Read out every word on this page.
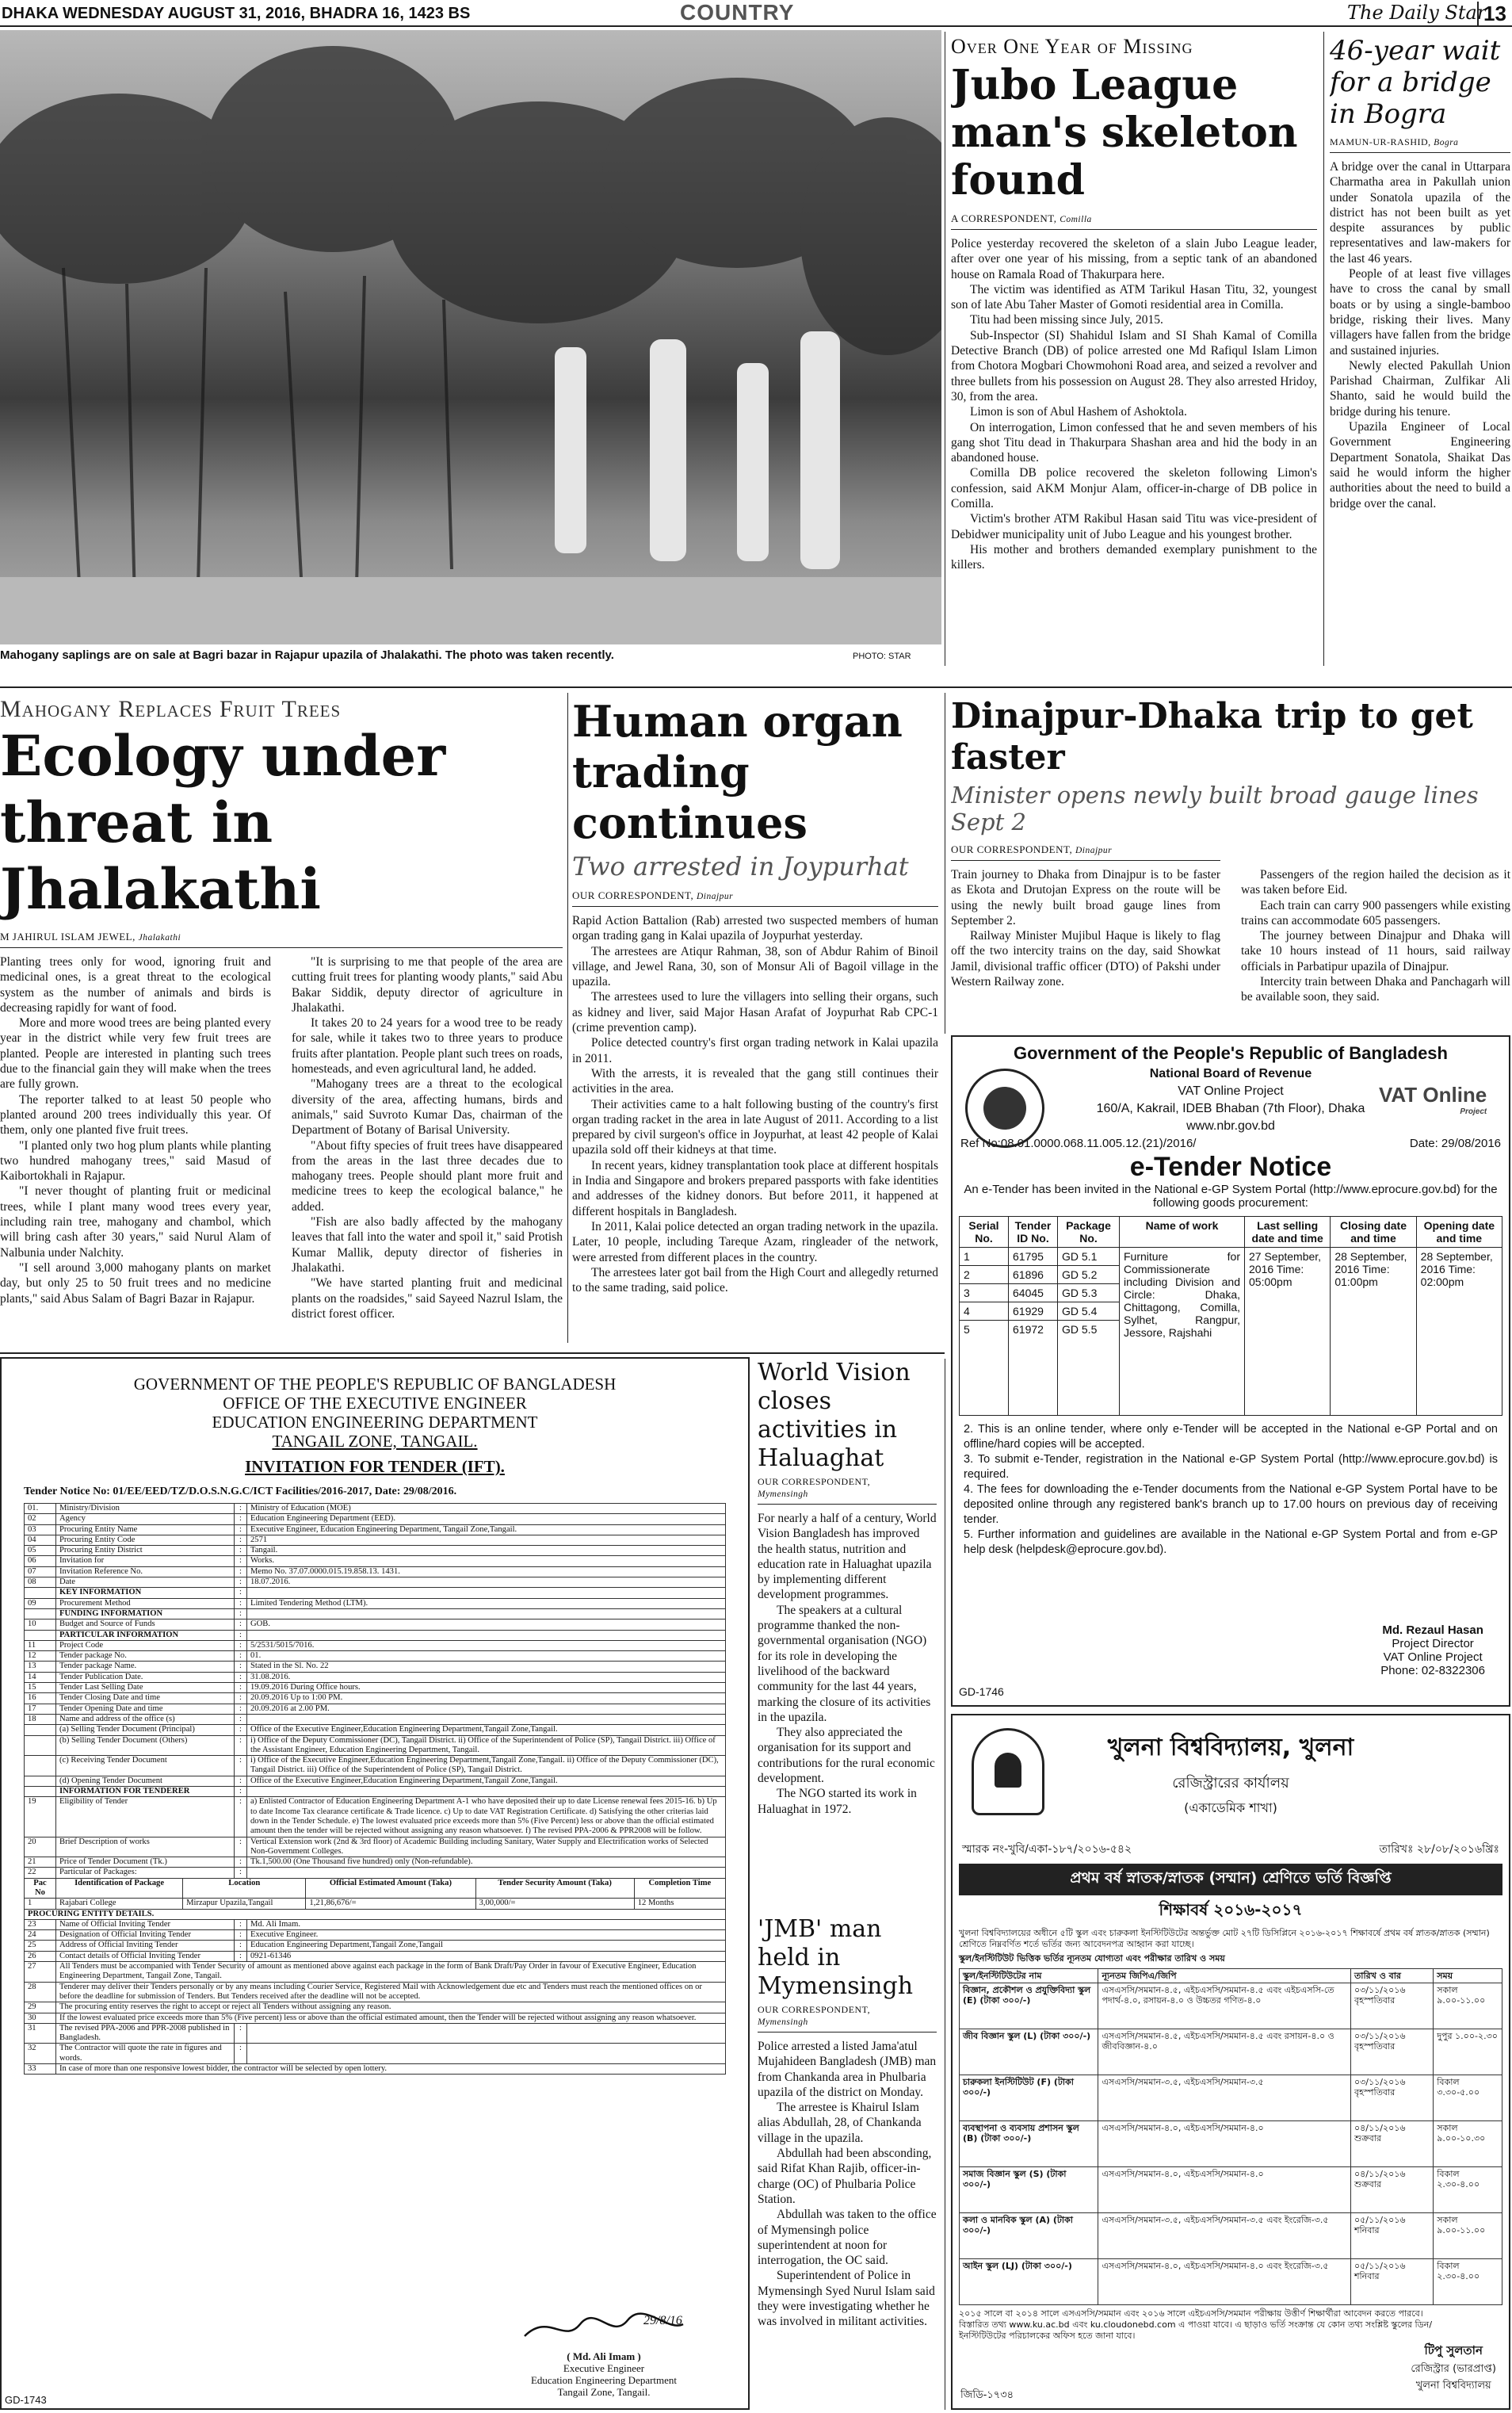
DHAKA WEDNESDAY AUGUST 31, 2016, BHADRA 16, 1423 BS	COUNTRY	The Daily Star
13
Mahogany saplings are on sale at Bagri bazar in Rajapur upazila of Jhalakathi. The photo was taken recently.	PHOTO: STAR
Over One Year of Missing
Jubo League man's skeleton found
A CORRESPONDENT, Comilla

Police yesterday recovered the skeleton of a slain Jubo League leader, after over one year of his missing, from a septic tank of an abandoned house on Ramala Road of Thakurpara here.

The victim was identified as ATM Tarikul Hasan Titu, 32, youngest son of late Abu Taher Master of Gomoti residential area in Comilla.

Titu had been missing since July, 2015.

Sub-Inspector (SI) Shahidul Islam and SI Shah Kamal of Comilla Detective Branch (DB) of police arrested one Md Rafiqul Islam Limon from Chotora Mogbari Chowmohoni Road area, and seized a revolver and three bullets from his possession on August 28. They also arrested Hridoy, 30, from the area.

Limon is son of Abul Hashem of Ashoktola.

On interrogation, Limon confessed that he and seven members of his gang shot Titu dead in Thakurpara Shashan area and hid the body in an abandoned house.

Comilla DB police recovered the skeleton following Limon's confession, said AKM Monjur Alam, officer-in-charge of DB police in Comilla.

Victim's brother ATM Rakibul Hasan said Titu was vice-president of Debidwer municipality unit of Jubo League and his youngest brother.

His mother and brothers demanded exemplary punishment to the killers.

46-year wait for a bridge in Bogra
MAMUN-UR-RASHID, Bogra

A bridge over the canal in Uttarpara Charmatha area in Pakullah union under Sonatola upazila of the district has not been built as yet despite assurances by public representatives and law-makers for the last 46 years.

People of at least five villages have to cross the canal by small boats or by using a single-bamboo bridge, risking their lives. Many villagers have fallen from the bridge and sustained injuries.

Newly elected Pakullah Union Parishad Chairman, Zulfikar Ali Shanto, said he would build the bridge during his tenure.

Upazila Engineer of Local Government Engineering Department Sonatola, Shaikat Das said he would inform the higher authorities about the need to build a bridge over the canal.

Mahogany Replaces Fruit Trees
Ecology under threat in Jhalakathi
M JAHIRUL ISLAM JEWEL, Jhalakathi

Planting trees only for wood, ignoring fruit and medicinal ones, is a great threat to the ecological system as the number of animals and birds is decreasing rapidly for want of food.

More and more wood trees are being planted every year in the district while very few fruit trees are planted. People are interested in planting such trees due to the financial gain they will make when the trees are fully grown.

The reporter talked to at least 50 people who planted around 200 trees individually this year. Of them, only one planted five fruit trees.

"I planted only two hog plum plants while planting two hundred mahogany trees," said Masud of Kaibortokhali in Rajapur.

"I never thought of planting fruit or medicinal trees, while I plant many wood trees every year, including rain tree, mahogany and chambol, which will bring cash after 30 years," said Nurul Alam of Nalbunia under Nalchity.

"I sell around 3,000 mahogany plants on market day, but only 25 to 50 fruit trees and no medicine plants," said Abus Salam of Bagri Bazar in Rajapur.

"It is surprising to me that people of the area are cutting fruit trees for planting woody plants," said Abu Bakar Siddik, deputy director of agriculture in Jhalakathi.

It takes 20 to 24 years for a wood tree to be ready for sale, while it takes two to three years to produce fruits after plantation. People plant such trees on roads, homesteads, and even agricultural land, he added.

"Mahogany trees are a threat to the ecological diversity of the area, affecting humans, birds and animals," said Suvroto Kumar Das, chairman of the Department of Botany of Barisal University.

"About fifty species of fruit trees have disappeared from the areas in the last three decades due to mahogany trees. People should plant more fruit and medicine trees to keep the ecological balance," he added.

"Fish are also badly affected by the mahogany leaves that fall into the water and spoil it," said Protish Kumar Mallik, deputy director of fisheries in Jhalakathi.

"We have started planting fruit and medicinal plants on the roadsides," said Sayeed Nazrul Islam, the district forest officer.

Human organ trading continues
Two arrested in Joypurhat
OUR CORRESPONDENT, Dinajpur

Rapid Action Battalion (Rab) arrested two suspected members of human organ trading gang in Kalai upazila of Joypurhat yesterday.

The arrestees are Atiqur Rahman, 38, son of Abdur Rahim of Binoil village, and Jewel Rana, 30, son of Monsur Ali of Bagoil village in the upazila.

The arrestees used to lure the villagers into selling their organs, such as kidney and liver, said Major Hasan Arafat of Joypurhat Rab CPC-1 (crime prevention camp).

Police detected country's first organ trading network in Kalai upazila in 2011.

With the arrests, it is revealed that the gang still continues their activities in the area.

Their activities came to a halt following busting of the country's first organ trading racket in the area in late August of 2011. According to a list prepared by civil surgeon's office in Joypurhat, at least 42 people of Kalai upazila sold off their kidneys at that time.

In recent years, kidney transplantation took place at different hospitals in India and Singapore and brokers prepared passports with fake identities and addresses of the kidney donors. But before 2011, it happened at different hospitals in Bangladesh.

In 2011, Kalai police detected an organ trading network in the upazila. Later, 10 people, including Tareque Azam, ringleader of the network, were arrested from different places in the country.

The arrestees later got bail from the High Court and allegedly returned to the same trading, said police.

Dinajpur-Dhaka trip to get faster
Minister opens newly built broad gauge lines Sept 2
OUR CORRESPONDENT, Dinajpur

Train journey to Dhaka from Dinajpur is to be faster as Ekota and Drutojan Express on the route will be using the newly built broad gauge lines from September 2.

Railway Minister Mujibul Haque is likely to flag off the two intercity trains on the day, said Showkat Jamil, divisional traffic officer (DTO) of Pakshi under Western Railway zone.

Passengers of the region hailed the decision as it was taken before Eid.

Each train can carry 900 passengers while existing trains can accommodate 605 passengers.

The journey between Dinajpur and Dhaka will take 10 hours instead of 11 hours, said railway officials in Parbatipur upazila of Dinajpur.

Intercity train between Dhaka and Panchagarh will be available soon, they said.

Government of the People's Republic of Bangladesh
VAT Online
Project
National Board of Revenue
VAT Online Project
160/A, Kakrail, IDEB Bhaban (7th Floor), Dhaka
www.nbr.gov.bd
Ref No:08.01.0000.068.11.005.12.(21)/2016/	Date: 29/08/2016
e-Tender Notice
An e-Tender has been invited in the National e-GP System Portal (http://www.eprocure.gov.bd) for the following goods procurement:
Serial No.	Tender ID No.	Package No.	Name of work	Last selling date and time	Closing date and time	Opening date and time
1	61795	GD 5.1	Furniture for Commissionerate including Division and Circle: Dhaka, Chittagong, Comilla, Sylhet, Rangpur, Jessore, Rajshahi	27 September, 2016 Time: 05:00pm	28 September, 2016 Time: 01:00pm	28 September, 2016 Time: 02:00pm
2	61896	GD 5.2				
3	64045	GD 5.3				
4	61929	GD 5.4				
5	61972	GD 5.5				
2. This is an online tender, where only e-Tender will be accepted in the National e-GP Portal and on offline/hard copies will be accepted.
3. To submit e-Tender, registration in the National e-GP System Portal (http://www.eprocure.gov.bd) is required.
4. The fees for downloading the e-Tender documents from the National e-GP System Portal have to be deposited online through any registered bank's branch up to 17.00 hours on previous day of receiving tender.
5. Further information and guidelines are available in the National e-GP System Portal and from e-GP help desk (helpdesk@eprocure.gov.bd).
Md. Rezaul Hasan
Project Director
VAT Online Project
Phone: 02-8322306
GD-1746
GOVERNMENT OF THE PEOPLE'S REPUBLIC OF BANGLADESH
OFFICE OF THE EXECUTIVE ENGINEER
EDUCATION ENGINEERING DEPARTMENT
TANGAIL ZONE, TANGAIL.
INVITATION FOR TENDER (IFT).
Tender Notice No: 01/EE/EED/TZ/D.O.S.N.G.C/ICT Facilities/2016-2017, Date: 29/08/2016.
01.	Ministry/Division	:	Ministry of Education (MOE)
02	Agency	:	Education Engineering Department (EED).
03	Procuring Entity Name	:	Executive Engineer, Education Engineering Department, Tangail Zone,Tangail.
04	Procuring Entity Code	:	2571
05	Procuring Entity District	:	Tangail.
06	Invitation for	:	Works.
07	Invitation Reference No.	:	Memo No. 37.07.0000.015.19.858.13. 1431.
08	Date	:	18.07.2016.
	KEY INFORMATION	:	
09	Procurement Method	:	Limited Tendering Method (LTM).
	FUNDING INFORMATION	:	
10	Budget and Source of Funds	:	GOB.
	PARTICULAR INFORMATION	:	
11	Project Code	:	5/2531/5015/7016.
12	Tender package No.	:	01.
13	Tender package Name.	:	Stated in the Sl. No. 22
14	Tender Publication Date.	:	31.08.2016.
15	Tender Last Selling Date	:	19.09.2016 During Office hours.
16	Tender Closing Date and time	:	20.09.2016 Up to 1:00 PM.
17	Tender Opening Date and time	:	20.09.2016 at 2.00 PM.
18	Name and address of the office (s)	:	
	(a) Selling Tender Document (Principal)	:	Office of the Executive Engineer,Education Engineering Department,Tangail Zone,Tangail.
	(b) Selling Tender Document (Others)	:	i) Office of the Deputy Commissioner (DC), Tangail District. ii) Office of the Superintendent of Police (SP), Tangail District. iii) Office of the Assistant Engineer, Education Engineering Department, Tangail.
	(c) Receiving Tender Document	:	i) Office of the Executive Engineer,Education Engineering Department,Tangail Zone,Tangail. ii) Office of the Deputy Commissioner (DC), Tangail District. iii) Office of the Superintendent of Police (SP), Tangail District.
	(d) Opening Tender Document	:	Office of the Executive Engineer,Education Engineering Department,Tangail Zone,Tangail.
	INFORMATION FOR TENDERER	:	
19	Eligibility of Tender	:	a) Enlisted Contractor of Education Engineering Department A-1 who have deposited their up to date License renewal fees 2015-16. b) Up to date Income Tax clearance certificate & Trade licence. c) Up to date VAT Registration Certificate. d) Satisfying the other criterias laid down in the Tender Schedule. e) The lowest evaluated price exceeds more than 5% (Five Percent) less or above than the official estimated amount then the tender will be rejected without assigning any reason whatsoever. f) The revised PPA-2006 & PPR2008 will be follow.
20	Brief Description of works	:	Vertical Extension work (2nd & 3rd floor) of Academic Building including Sanitary, Water Supply and Electrification works of Selected Non-Government Colleges.
21	Price of Tender Document (Tk.)	:	Tk.1,500.00 (One Thousand five hundred) only (Non-refundable).
22	Particular of Packages:	:	
Pac No	Identification of Package	Location	Official Estimated Amount (Taka)	Tender Security Amount (Taka)	Completion Time
1	Rajabari College	Mirzapur Upazila,Tangail	1,21,86,676/=	3,00,000/=	12 Months
PROCURING ENTITY DETAILS.					
23	Name of Official Inviting Tender	:	Md. Ali Imam.
24	Designation of Official Inviting Tender	:	Executive Engineer.
25	Address of Official Inviting Tender	:	Education Engineering Department,Tangail Zone,Tangail
26	Contact details of Official Inviting Tender	:	0921-61346
27	All Tenders must be accompanied with Tender Security of amount as mentioned above against each package in the form of Bank Draft/Pay Order in favour of Executive Engineer, Education Engineering Department, Tangail Zone, Tangail.		
28	Tenderer may deliver their Tenders personally or by any means including Courier Service, Registered Mail with Acknowledgement due etc and Tenders must reach the mentioned offices on or before the deadline for submission of Tenders. But Tenders received after the deadline will not be accepted.		
29	The procuring entity reserves the right to accept or reject all Tenders without assigning any reason.		
30	If the lowest evaluated price exceeds more than 5% (Five percent) less or above than the official estimated amount, then the Tender will be rejected without assigning any reason whatsoever.		
31	The revised PPA-2006 and PPR-2008 published in Bangladesh.	:	
32	The Contractor will quote the rate in figures and words.	:	
33	In case of more than one responsive lowest bidder, the contractor will be selected by open lottery.		
29/8/16
( Md. Ali Imam )
Executive Engineer
Education Engineering Department
Tangail Zone, Tangail.
GD-1743
World Vision closes activities in Haluaghat
OUR CORRESPONDENT,
Mymensingh

For nearly a half of a century, World Vision Bangladesh has improved the health status, nutrition and education rate in Haluaghat upazila by implementing different development programmes.

The speakers at a cultural programme thanked the non-governmental organisation (NGO) for its role in developing the livelihood of the backward community for the last 44 years, marking the closure of its activities in the upazila.

They also appreciated the organisation for its support and contributions for the rural economic development.

The NGO started its work in Haluaghat in 1972.

'JMB' man held in Mymensingh
OUR CORRESPONDENT,
Mymensingh

Police arrested a listed Jama'atul Mujahideen Bangladesh (JMB) man from Chankanda area in Phulbaria upazila of the district on Monday.

The arrestee is Khairul Islam alias Abdullah, 28, of Chankanda village in the upazila.

Abdullah had been absconding, said Rifat Khan Rajib, officer-in-charge (OC) of Phulbaria Police Station.

Abdullah was taken to the office of Mymensingh police superintendent at noon for interrogation, the OC said.

Superintendent of Police in Mymensingh Syed Nurul Islam said they were investigating whether he was involved in militant activities.

খুলনা বিশ্ববিদ্যালয়, খুলনা
রেজিস্ট্রারের কার্যালয়
(একাডেমিক শাখা)
স্মারক নং-খুবি/একা-১৮৭/২০১৬-৫৪২	তারিখঃ ২৮/০৮/২০১৬খ্রিঃ
প্রথম বর্ষ স্নাতক/স্নাতক (সম্মান) শ্রেণিতে ভর্তি বিজ্ঞপ্তি
শিক্ষাবর্ষ ২০১৬-২০১৭
খুলনা বিশ্ববিদ্যালয়ের অধীনে ৫টি স্কুল এবং চারুকলা ইনস্টিটিউটের অন্তর্ভুক্ত মোট ২৭টি ডিসিপ্লিনে ২০১৬-২০১৭ শিক্ষাবর্ষে প্রথম বর্ষ স্নাতক/স্নাতক (সম্মান) শ্রেণিতে নিম্নবর্ণিত শর্তে ভর্তির জন্য আবেদনপত্র আহ্বান করা যাচ্ছে।
স্কুল/ইনস্টিটিউট ভিত্তিক ভর্তির ন্যূনতম যোগ্যতা এবং পরীক্ষার তারিখ ও সময়
স্কুল/ইনস্টিটিউটের নাম	ন্যূনতম জিপিএ/জিপি	তারিখ ও বার	সময়
বিজ্ঞান, প্রকৌশল ও প্রযুক্তিবিদ্যা স্কুল (E) (টাকা ৩০০/-)	এসএসসি/সমমান-৪.৫, এইচএসসি/সমমান-৪.৫ এবং এইচএসসি-তে পদার্থ-৪.০, রসায়ন-৪.০ ও উচ্চতর গণিত-৪.০	০৩/১১/২০১৬ বৃহস্পতিবার	সকাল ৯.০০-১১.০০
জীব বিজ্ঞান স্কুল (L) (টাকা ৩০০/-)	এসএসসি/সমমান-৪.৫, এইচএসসি/সমমান-৪.৫ এবং রসায়ন-৪.০ ও জীববিজ্ঞান-৪.০	০৩/১১/২০১৬ বৃহস্পতিবার	দুপুর ১.০০-২.৩০
চারুকলা ইনস্টিটিউট (F) (টাকা ৩০০/-)	এসএসসি/সমমান-৩.৫, এইচএসসি/সমমান-৩.৫	০৩/১১/২০১৬ বৃহস্পতিবার	বিকাল ৩.৩০-৫.০০
ব্যবস্থাপনা ও ব্যবসায় প্রশাসন স্কুল (B) (টাকা ৩০০/-)	এসএসসি/সমমান-৪.০, এইচএসসি/সমমান-৪.০	০৪/১১/২০১৬ শুক্রবার	সকাল ৯.০০-১০.৩০
সমাজ বিজ্ঞান স্কুল (S) (টাকা ৩০০/-)	এসএসসি/সমমান-৪.০, এইচএসসি/সমমান-৪.০	০৪/১১/২০১৬ শুক্রবার	বিকাল ২.৩০-৪.০০
কলা ও মানবিক স্কুল (A) (টাকা ৩০০/-)	এসএসসি/সমমান-৩.৫, এইচএসসি/সমমান-৩.৫ এবং ইংরেজি-৩.৫	০৫/১১/২০১৬ শনিবার	সকাল ৯.০০-১১.০০
আইন স্কুল (LJ) (টাকা ৩০০/-)	এসএসসি/সমমান-৪.০, এইচএসসি/সমমান-৪.০ এবং ইংরেজি-৩.৫	০৫/১১/২০১৬ শনিবার	বিকাল ২.৩০-৪.০০
২০১৫ সালে বা ২০১৪ সালে এসএসসি/সমমান এবং ২০১৬ সালে এইচএসসি/সমমান পরীক্ষায় উত্তীর্ণ শিক্ষার্থীরা আবেদন করতে পারবে। বিস্তারিত তথ্য www.ku.ac.bd এবং ku.cloudonebd.com এ পাওয়া যাবে। এ ছাড়াও ভর্তি সংক্রান্ত যে কোন তথ্য সংশ্লিষ্ট স্কুলের ডিন/ইনস্টিটিউটের পরিচালকের অফিস হতে জানা যাবে।
টিপু সুলতান
রেজিস্ট্রার (ভারপ্রাপ্ত)
খুলনা বিশ্ববিদ্যালয়
জিডি-১৭৩৪
